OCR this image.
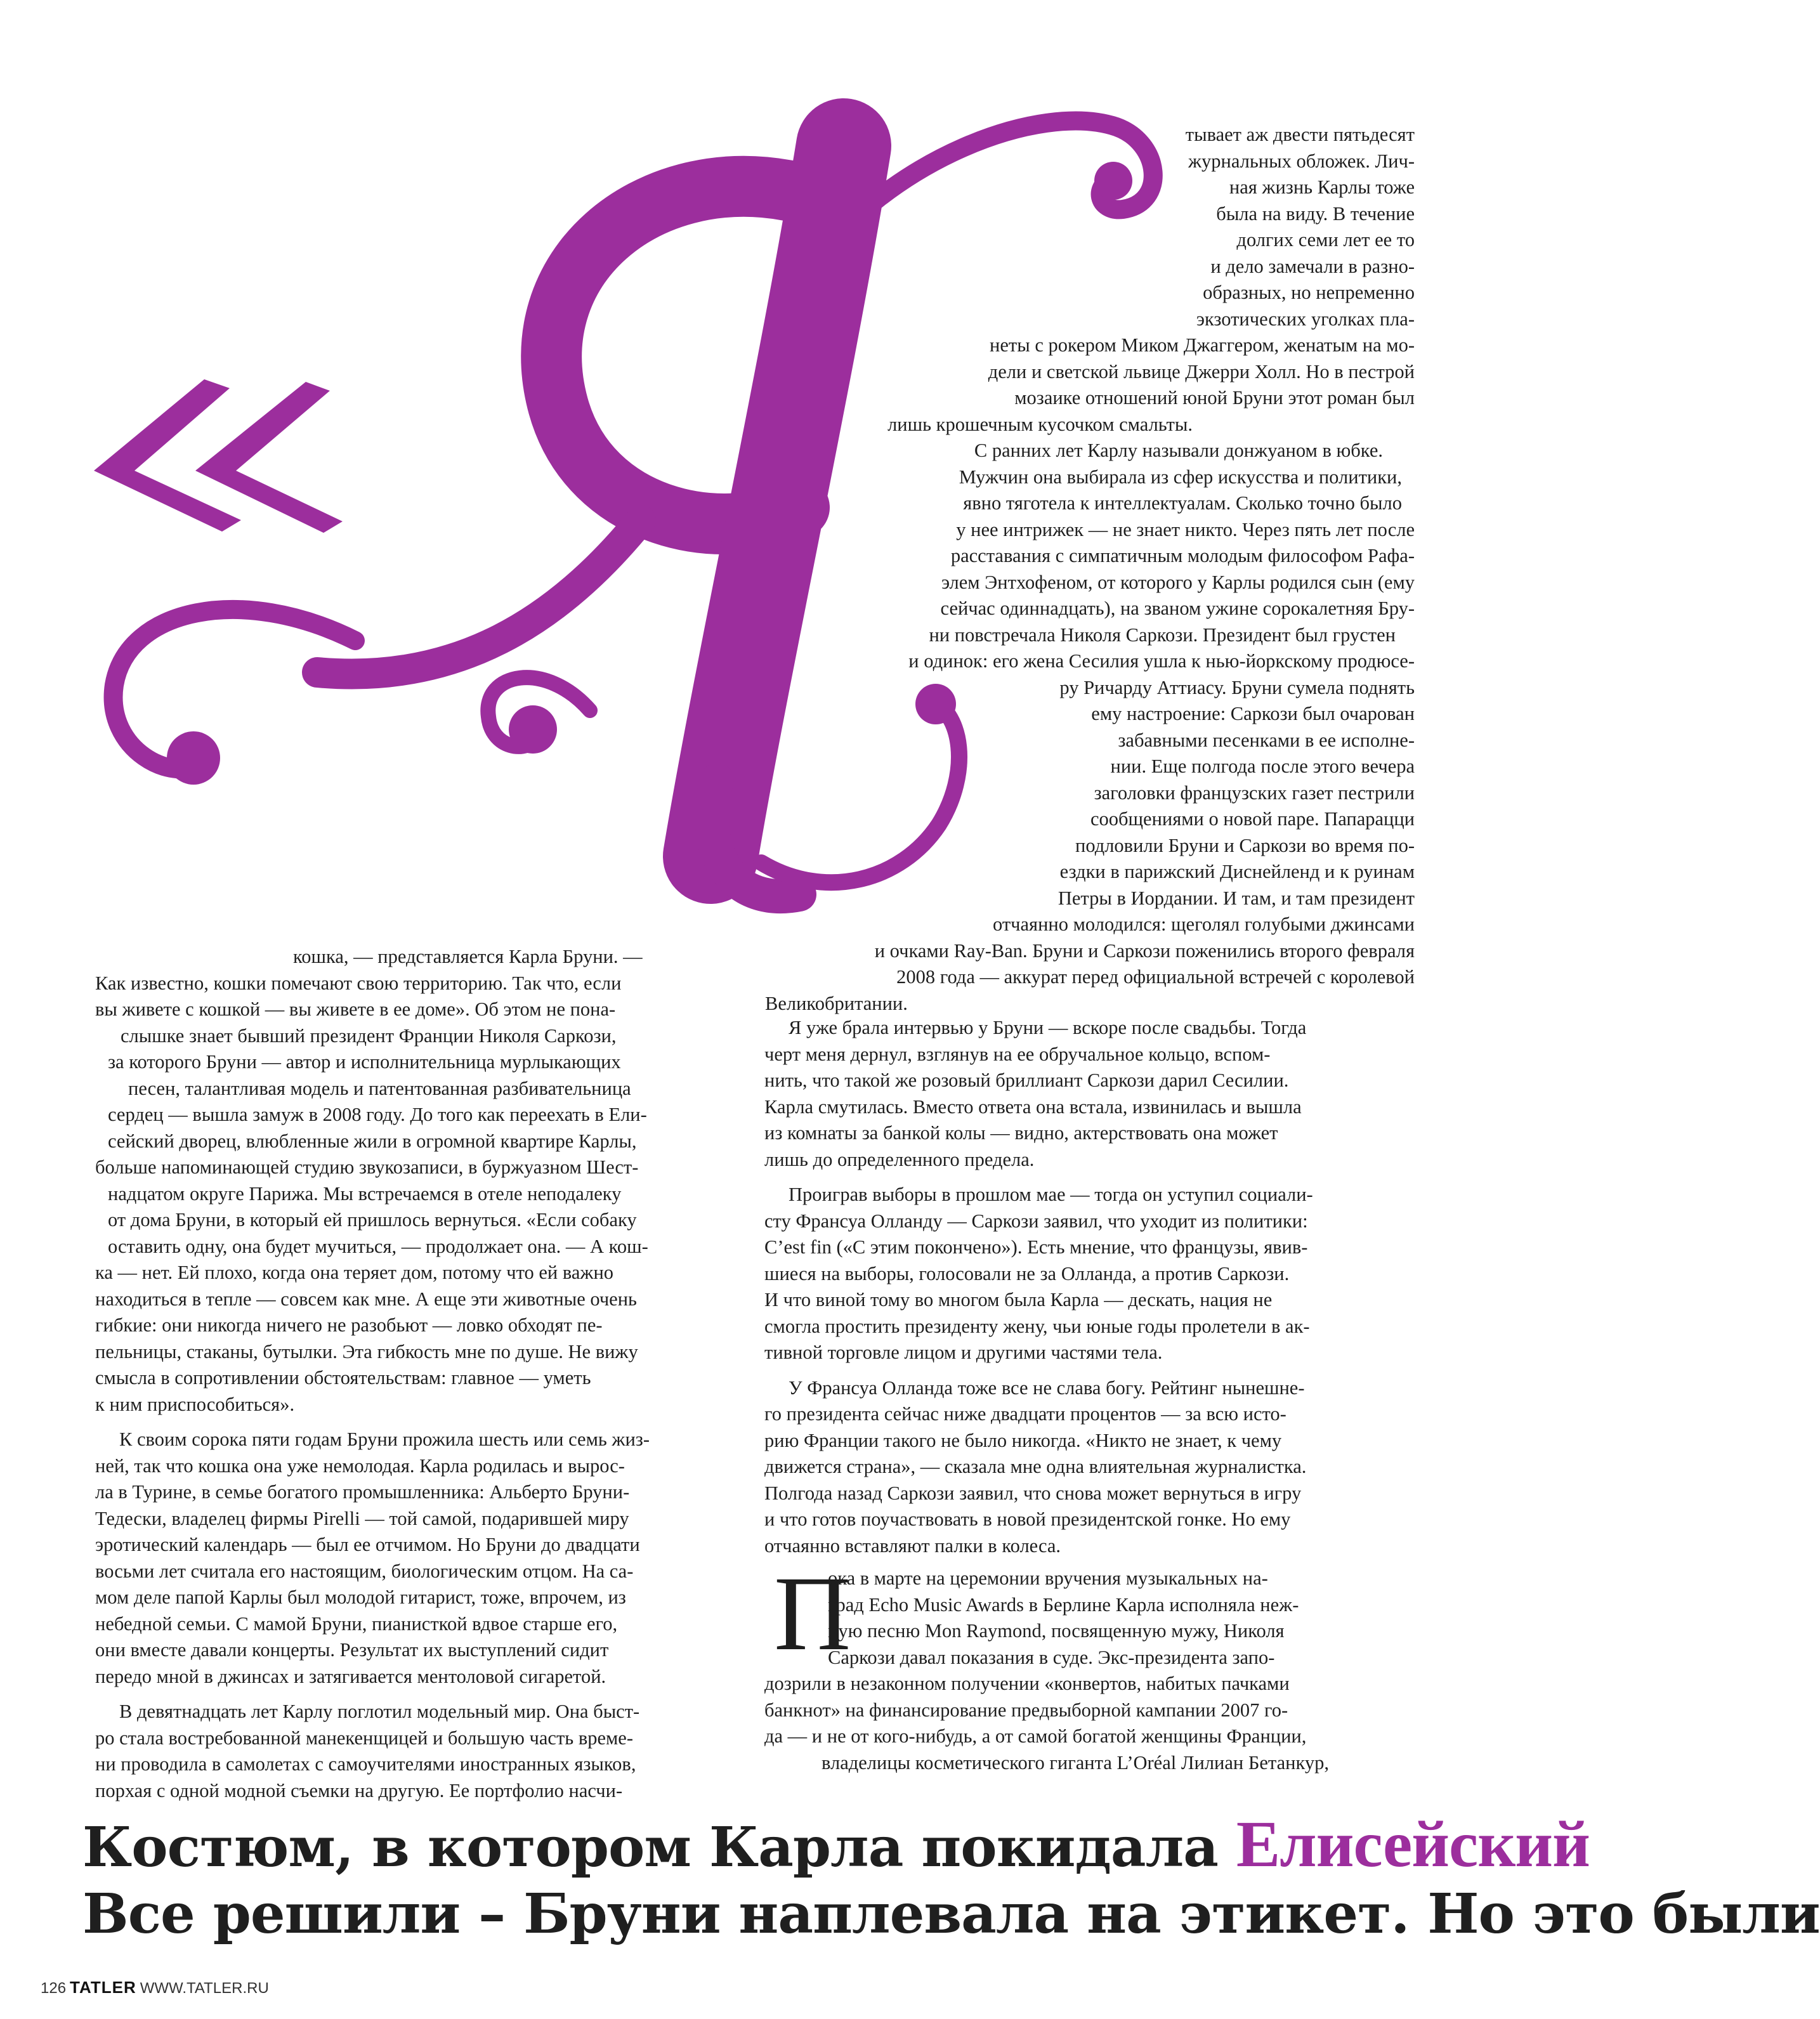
тывает аж двести пятьдесят
журнальных обложек. Лич-
ная жизнь Карлы тоже
была на виду. В течение
долгих семи лет ее то
и дело замечали в разно-
образных, но непременно
экзотических уголках пла-
неты с рокером Миком Джаггером, женатым на мо-
дели и светской львице Джерри Холл. Но в пестрой
мозаике отношений юной Бруни этот роман был
лишь крошечным кусочком смальты.
С ранних лет Карлу называли донжуаном в юбке.
Мужчин она выбирала из сфер искусства и политики,
явно тяготела к интеллектуалам. Сколько точно было
у нее интрижек — не знает никто. Через пять лет после
расставания с симпатичным молодым философом Рафа-
элем Энтхофеном, от которого у Карлы родился сын (ему
сейчас одиннадцать), на званом ужине сорокалетняя Бру-
ни повстречала Николя Саркози. Президент был грустен
и одинок: его жена Сесилия ушла к нью-йоркскому продюсе-
ру Ричарду Аттиасу. Бруни сумела поднять
ему настроение: Саркози был очарован
забавными песенками в ее исполне-
нии. Еще полгода после этого вечера
заголовки французских газет пестрили
сообщениями о новой паре. Папарацци
подловили Бруни и Саркози во время по-
ездки в парижский Диснейленд и к руинам
Петры в Иордании. И там, и там президент
отчаянно молодился: щеголял голубыми джинсами
и очками Ray-Ban. Бруни и Саркози поженились второго февраля
2008 года — аккурат перед официальной встречей с королевой
Великобритании.
Я уже брала интервью у Бруни — вскоре после свадьбы. Тогда
черт меня дернул, взглянув на ее обручальное кольцо, вспом-
нить, что такой же розовый бриллиант Саркози дарил Сесилии.
Карла смутилась. Вместо ответа она встала, извинилась и вышла
из комнаты за банкой колы — видно, актерствовать она может
лишь до определенного предела.
Проиграв выборы в прошлом мае — тогда он уступил социали-
сту Франсуа Олланду — Саркози заявил, что уходит из политики:
C’est fin («С этим покончено»). Есть мнение, что французы, явив-
шиеся на выборы, голосовали не за Олланда, а против Саркози.
И что виной тому во многом была Карла — дескать, нация не
смогла простить президенту жену, чьи юные годы пролетели в ак-
тивной торговле лицом и другими частями тела.
У Франсуа Олланда тоже все не слава богу. Рейтинг нынешне-
го президента сейчас ниже двадцати процентов — за всю исто-
рию Франции такого не было никогда. «Никто не знает, к чему
движется страна», — сказала мне одна влиятельная журналистка.
Полгода назад Саркози заявил, что снова может вернуться в игру
и что готов поучаствовать в новой президентской гонке. Но ему
отчаянно вставляют палки в колеса.
П
ока в марте на церемонии вручения музыкальных на-
град Echo Music Awards в Берлине Карла исполняла неж-
ную песню Mon Raymond, посвященную мужу, Николя
Саркози давал показания в суде. Экс-президента запо-
дозрили в незаконном получении «конвертов, набитых пачками
банкнот» на финансирование предвыборной кампании 2007 го-
да — и не от кого-нибудь, а от самой богатой женщины Франции,
владелицы косметического гиганта L’Oréal Лилиан Бетанкур,
кошка, — представляется Карла Бруни. —
Как известно, кошки помечают свою территорию. Так что, если
вы живете с кошкой — вы живете в ее доме». Об этом не пона-
слышке знает бывший президент Франции Николя Саркози,
за которого Бруни — автор и исполнительница мурлыкающих
песен, талантливая модель и патентованная разбивательница
сердец — вышла замуж в 2008 году. До того как переехать в Ели-
сейский дворец, влюбленные жили в огромной квартире Карлы,
больше напоминающей студию звукозаписи, в буржуазном Шест-
надцатом округе Парижа. Мы встречаемся в отеле неподалеку
от дома Бруни, в который ей пришлось вернуться. «Если собаку
оставить одну, она будет мучиться, — продолжает она. — А кош-
ка — нет. Ей плохо, когда она теряет дом, потому что ей важно
находиться в тепле — совсем как мне. А еще эти животные очень
гибкие: они никогда ничего не разобьют — ловко обходят пе-
пельницы, стаканы, бутылки. Эта гибкость мне по душе. Не вижу
смысла в сопротивлении обстоятельствам: главное — уметь
к ним приспособиться».
К своим сорока пяти годам Бруни прожила шесть или семь жиз-
ней, так что кошка она уже немолодая. Карла родилась и вырос-
ла в Турине, в семье богатого промышленника: Альберто Бруни-
Тедески, владелец фирмы Pirelli — той самой, подарившей миру
эротический календарь — был ее отчимом. Но Бруни до двадцати
восьми лет считала его настоящим, биологическим отцом. На са-
мом деле папой Карлы был молодой гитарист, тоже, впрочем, из
небедной семьи. С мамой Бруни, пианисткой вдвое старше его,
они вместе давали концерты. Результат их выступлений сидит
передо мной в джинсах и затягивается ментоловой сигаретой.
В девятнадцать лет Карлу поглотил модельный мир. Она быст-
ро стала востребованной манекенщицей и большую часть време-
ни проводила в самолетах с самоучителями иностранных языков,
порхая с одной модной съемки на другую. Ее портфолио насчи-
Костюм, в котором Карла покидала Елисейский
Все решили – Бруни наплевала на этикет. Но это были
126 TATLER WWW.TATLER.RU
